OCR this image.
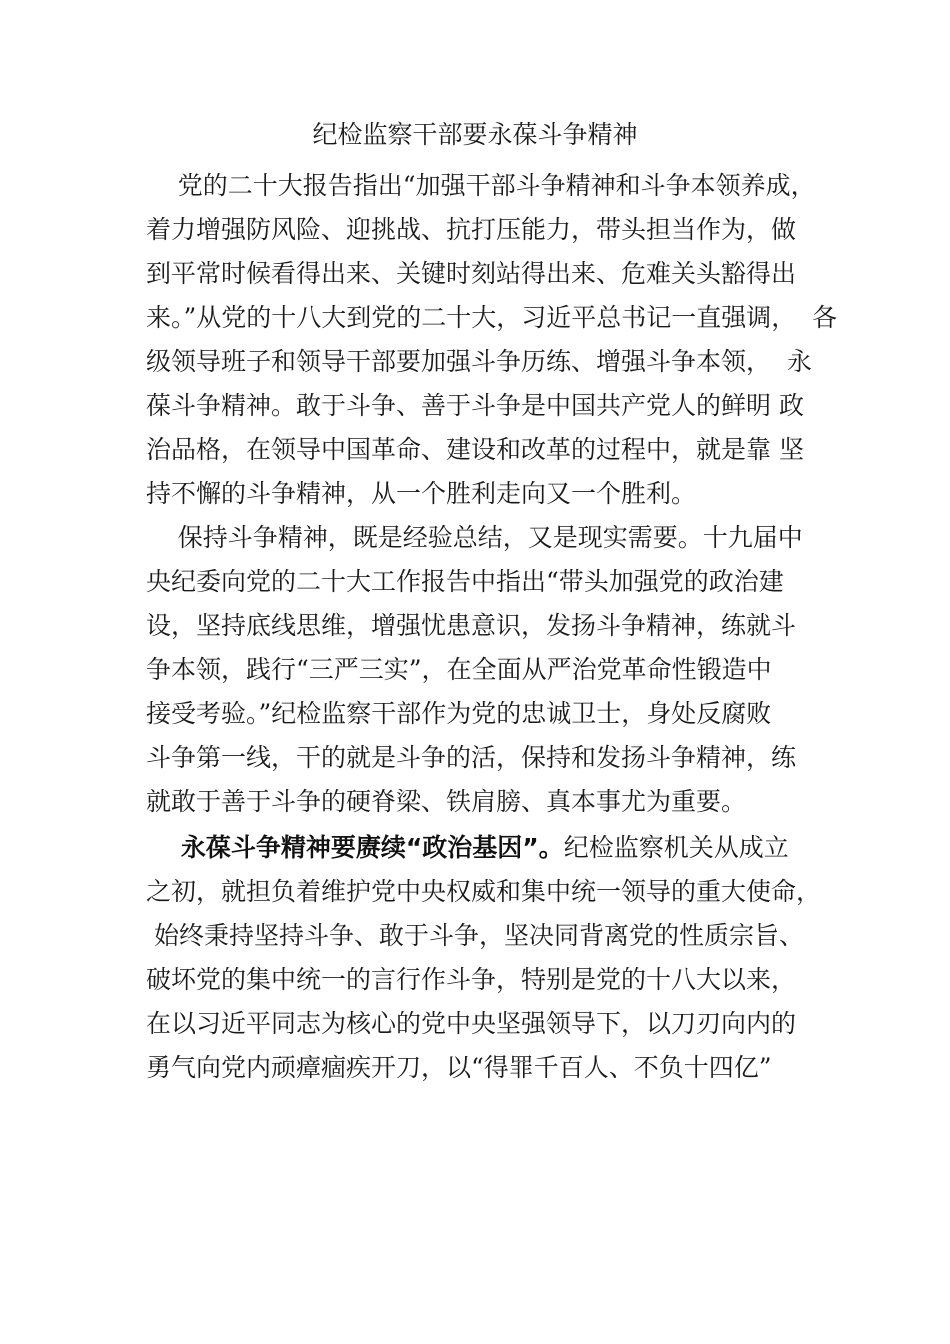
纪检监察干部要永葆斗争精神
党的二十大报告指出“加强干部斗争精神和斗争本领养成，
着力增强防风险、迎挑战、抗打压能力，带头担当作为，做
到平常时候看得出来、关键时刻站得出来、危难关头豁得出
来。”从党的十八大到党的二十大，习近平总书记一直强调，  各
级领导班子和领导干部要加强斗争历练、增强斗争本领，  永
葆斗争精神。敢于斗争、善于斗争是中国共产党人的鲜明 政
治品格，在领导中国革命、建设和改革的过程中，就是靠 坚
持不懈的斗争精神，从一个胜利走向又一个胜利。
保持斗争精神，既是经验总结，又是现实需要。十九届中
央纪委向党的二十大工作报告中指出“带头加强党的政治建
设，坚持底线思维，增强忧患意识，发扬斗争精神，练就斗
争本领，践行“三严三实”，在全面从严治党革命性锻造中
接受考验。”纪检监察干部作为党的忠诚卫士，身处反腐败
斗争第一线，干的就是斗争的活，保持和发扬斗争精神，练
就敢于善于斗争的硬脊梁、铁肩膀、真本事尤为重要。
永葆斗争精神要赓续“政治基因”。纪检监察机关从成立
之初，就担负着维护党中央权威和集中统一领导的重大使命，
始终秉持坚持斗争、敢于斗争，坚决同背离党的性质宗旨、
破坏党的集中统一的言行作斗争，特别是党的十八大以来，
在以习近平同志为核心的党中央坚强领导下，以刀刃向内的
勇气向党内顽瘴痼疾开刀，以“得罪千百人、不负十四亿”
